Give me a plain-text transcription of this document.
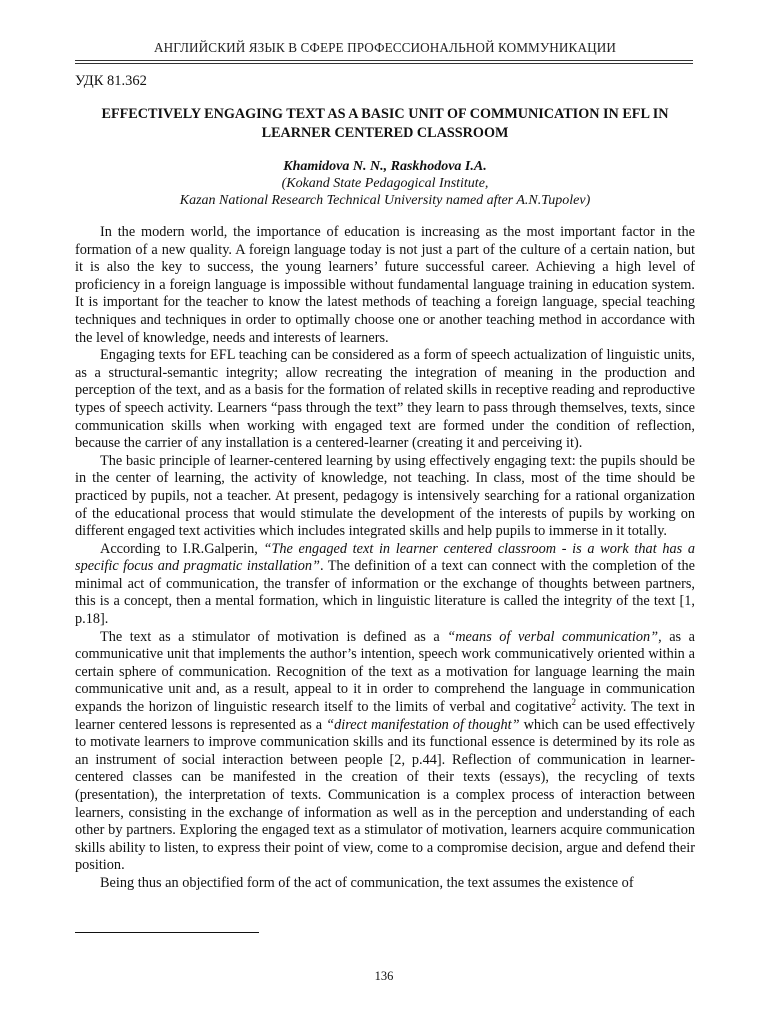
АНГЛИЙСКИЙ ЯЗЫК В СФЕРЕ ПРОФЕССИОНАЛЬНОЙ КОММУНИКАЦИИ
УДК 81.362
EFFECTIVELY ENGAGING TEXT AS A BASIC UNIT OF COMMUNICATION IN EFL IN LEARNER CENTERED CLASSROOM
Khamidova N. N., Raskhodova I.A.
(Kokand State Pedagogical Institute,
Kazan National Research Technical University named after A.N.Tupolev)

In the modern world, the importance of education is increasing as the most important factor in the formation of a new quality. A foreign language today is not just a part of the culture of a certain nation, but it is also the key to success, the young learners’ future successful career. Achieving a high level of proficiency in a foreign language is impossible without fundamental language training in education system. It is important for the teacher to know the latest methods of teaching a foreign language, special teaching techniques and techniques in order to optimally choose one or another teaching method in accordance with the level of knowledge, needs and interests of learners.

Engaging texts for EFL teaching can be considered as a form of speech actualization of linguistic units, as a structural-semantic integrity; allow recreating the integration of meaning in the production and perception of the text, and as a basis for the formation of related skills in receptive reading and reproductive types of speech activity. Learners “pass through the text” they learn to pass through themselves, texts, since communication skills when working with engaged text are formed under the condition of reflection, because the carrier of any installation is a centered-learner (creating it and perceiving it).

The basic principle of learner-centered learning by using effectively engaging text: the pupils should be in the center of learning, the activity of knowledge, not teaching. In class, most of the time should be practiced by pupils, not a teacher. At present, pedagogy is intensively searching for a rational organization of the educational process that would stimulate the development of the interests of pupils by working on different engaged text activities which includes integrated skills and help pupils to immerse in it totally.

According to I.R.Galperin, “The engaged text in learner centered classroom - is a work that has a specific focus and pragmatic installation”. The definition of a text can connect with the completion of the minimal act of communication, the transfer of information or the exchange of thoughts between partners, this is a concept, then a mental formation, which in linguistic literature is called the integrity of the text [1, p.18].

The text as a stimulator of motivation is defined as a “means of verbal communication”, as a communicative unit that implements the author’s intention, speech work communicatively oriented within a certain sphere of communication. Recognition of the text as a motivation for language learning the main communicative unit and, as a result, appeal to it in order to comprehend the language in communication expands the horizon of linguistic research itself to the limits of verbal and cogitative$^2$ activity. The text in learner centered lessons is represented as a “direct manifestation of thought” which can be used effectively to motivate learners to improve communication skills and its functional essence is determined by its role as an instrument of social interaction between people [2, p.44]. Reflection of communication in learner-centered classes can be manifested in the creation of their texts (essays), the recycling of texts (presentation), the interpretation of texts. Communication is a complex process of interaction between learners, consisting in the exchange of information as well as in the perception and understanding of each other by partners. Exploring the engaged text as a stimulator of motivation, learners acquire communication skills ability to listen, to express their point of view, come to a compromise decision, argue and defend their position.

Being thus an objectified form of the act of communication, the text assumes the existence of

136
